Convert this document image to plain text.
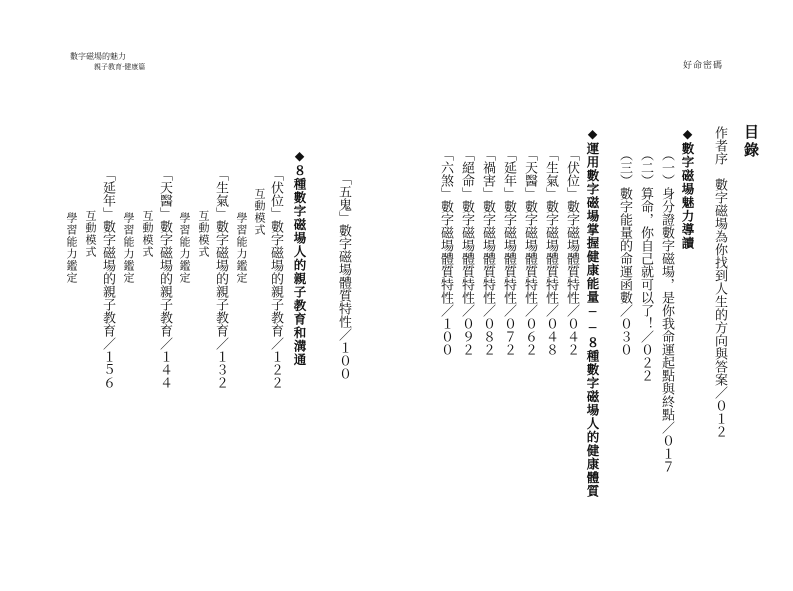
數字磁場的魅力
親子教育·健康篇	好命密碼
目錄
作者序　數字磁場為你找到人生的方向與答案／０１２
◆數字磁場魅力導讀
（一）身分證數字磁場，是你我命運起點與終點／０１７
（二）算命，你自己就可以了！／０２２
（三）數字能量的命運函數／０３０
◆運用數字磁場掌握健康能量──８種數字磁場人的健康體質
「伏位」數字磁場體質特性／０４２
「生氣」數字磁場體質特性／０４８
「天醫」數字磁場體質特性／０６２
「延年」數字磁場體質特性／０７２
「禍害」數字磁場體質特性／０８２
「絕命」數字磁場體質特性／０９２
「六煞」數字磁場體質特性／１００
「五鬼」數字磁場體質特性／１００
◆８種數字磁場人的親子教育和溝通
「伏位」數字磁場的親子教育／１２２
互動模式
學習能力鑑定
「生氣」數字磁場的親子教育／１３２
互動模式
學習能力鑑定
「天醫」數字磁場的親子教育／１４４
互動模式
學習能力鑑定
「延年」數字磁場的親子教育／１５６
互動模式
學習能力鑑定
